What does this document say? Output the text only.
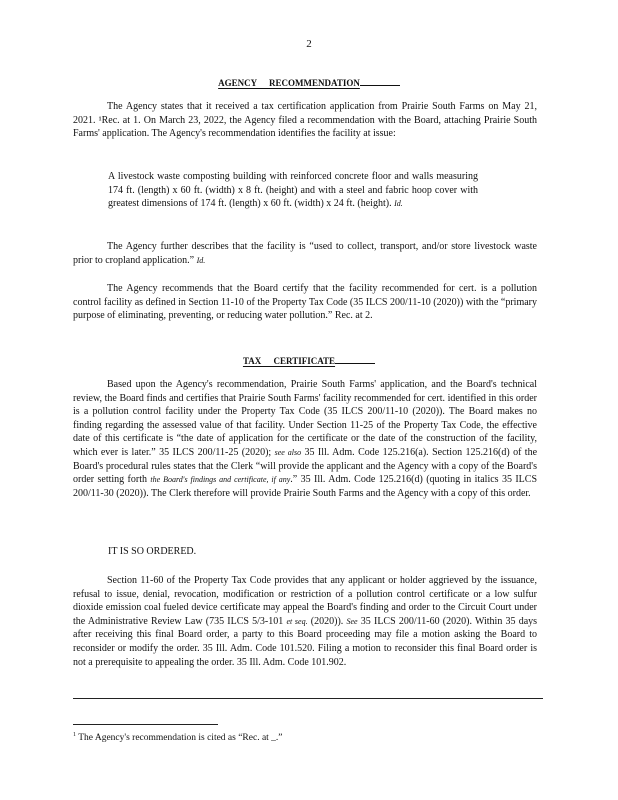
2
AGENCY RECOMMENDATION

The Agency states that it received a tax certification application from Prairie South Farms on May 21, 2021. ¹Rec. at 1. On March 23, 2022, the Agency filed a recommendation with the Board, attaching Prairie South Farms' application. The Agency's recommendation identifies the facility at issue:

A livestock waste composting building with reinforced concrete floor and walls measuring 174 ft. (length) x 60 ft. (width) x 8 ft. (height) and with a steel and fabric hoop cover with greatest dimensions of 174 ft. (length) x 60 ft. (width) x 24 ft. (height). Id.

The Agency further describes that the facility is “used to collect, transport, and/or store livestock waste prior to cropland application.” Id.

The Agency recommends that the Board certify that the facility recommended for cert. is a pollution control facility as defined in Section 11-10 of the Property Tax Code (35 ILCS 200/11-10 (2020)) with the “primary purpose of eliminating, preventing, or reducing water pollution.” Rec. at 2.

TAX CERTIFICATE

Based upon the Agency's recommendation, Prairie South Farms' application, and the Board's technical review, the Board finds and certifies that Prairie South Farms' facility recommended for cert. identified in this order is a pollution control facility under the Property Tax Code (35 ILCS 200/11-10 (2020)). The Board makes no finding regarding the assessed value of that facility. Under Section 11-25 of the Property Tax Code, the effective date of this certificate is “the date of application for the certificate or the date of the construction of the facility, which ever is later.” 35 ILCS 200/11-25 (2020); see also 35 Ill. Adm. Code 125.216(a). Section 125.216(d) of the Board's procedural rules states that the Clerk “will provide the applicant and the Agency with a copy of the Board's order setting forth the Board's findings and certificate, if any.” 35 Ill. Adm. Code 125.216(d) (quoting in italics 35 ILCS 200/11-30 (2020)). The Clerk therefore will provide Prairie South Farms and the Agency with a copy of this order.

IT IS SO ORDERED.

Section 11-60 of the Property Tax Code provides that any applicant or holder aggrieved by the issuance, refusal to issue, denial, revocation, modification or restriction of a pollution control certificate or a low sulfur dioxide emission coal fueled device certificate may appeal the Board's finding and order to the Circuit Court under the Administrative Review Law (735 ILCS 5/3-101 et seq. (2020)). See 35 ILCS 200/11-60 (2020). Within 35 days after receiving this final Board order, a party to this Board proceeding may file a motion asking the Board to reconsider or modify the order. 35 Ill. Adm. Code 101.520. Filing a motion to reconsider this final Board order is not a prerequisite to appealing the order. 35 Ill. Adm. Code 101.902.

$^1$ The Agency's recommendation is cited as “Rec. at _.”
